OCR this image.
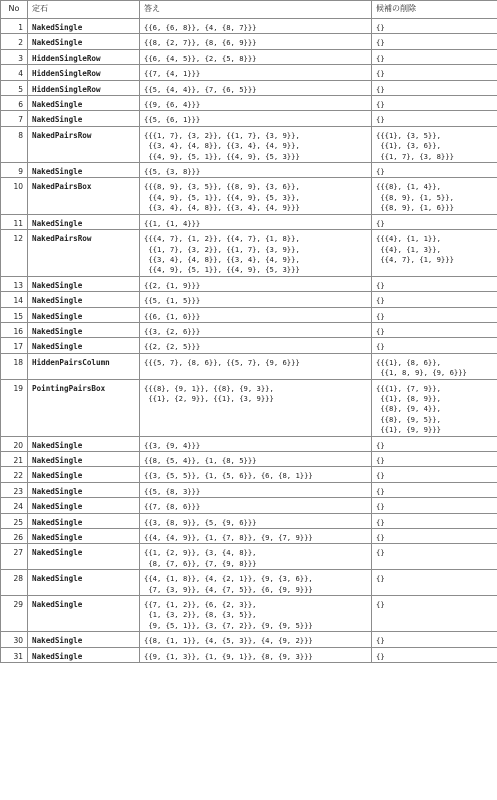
No	定石	答え	候補の削除
1	NakedSingle	{{6, {6, 8}}, {4, {8, 7}}}	{}
2	NakedSingle	{{8, {2, 7}}, {8, {6, 9}}}	{}
3	HiddenSingleRow	{{6, {4, 5}}, {2, {5, 8}}}	{}
4	HiddenSingleRow	{{7, {4, 1}}}	{}
5	HiddenSingleRow	{{5, {4, 4}}, {7, {6, 5}}}	{}
6	NakedSingle	{{9, {6, 4}}}	{}
7	NakedSingle	{{5, {6, 1}}}	{}
8	NakedPairsRow	{{{1, 7}, {3, 2}}, {{1, 7}, {3, 9}},
{{3, 4}, {4, 8}}, {{3, 4}, {4, 9}},
{{4, 9}, {5, 1}}, {{4, 9}, {5, 3}}}	{{{1}, {3, 5}},
{{1}, {3, 6}},
{{1, 7}, {3, 8}}}
9	NakedSingle	{{5, {3, 8}}}	{}
10	NakedPairsBox	{{{8, 9}, {3, 5}}, {{8, 9}, {3, 6}},
{{4, 9}, {5, 1}}, {{4, 9}, {5, 3}},
{{3, 4}, {4, 8}}, {{3, 4}, {4, 9}}}	{{{8}, {1, 4}},
{{8, 9}, {1, 5}},
{{8, 9}, {1, 6}}}
11	NakedSingle	{{1, {1, 4}}}	{}
12	NakedPairsRow	{{{4, 7}, {1, 2}}, {{4, 7}, {1, 8}},
{{1, 7}, {3, 2}}, {{1, 7}, {3, 9}},
{{3, 4}, {4, 8}}, {{3, 4}, {4, 9}},
{{4, 9}, {5, 1}}, {{4, 9}, {5, 3}}}	{{{4}, {1, 1}},
{{4}, {1, 3}},
{{4, 7}, {1, 9}}}
13	NakedSingle	{{2, {1, 9}}}	{}
14	NakedSingle	{{5, {1, 5}}}	{}
15	NakedSingle	{{6, {1, 6}}}	{}
16	NakedSingle	{{3, {2, 6}}}	{}
17	NakedSingle	{{2, {2, 5}}}	{}
18	HiddenPairsColumn	{{{5, 7}, {8, 6}}, {{5, 7}, {9, 6}}}	{{{1}, {8, 6}},
{{1, 8, 9}, {9, 6}}}
19	PointingPairsBox	{{{8}, {9, 1}}, {{8}, {9, 3}},
{{1}, {2, 9}}, {{1}, {3, 9}}}	{{{1}, {7, 9}},
{{1}, {8, 9}},
{{8}, {9, 4}},
{{8}, {9, 5}},
{{1}, {9, 9}}}
20	NakedSingle	{{3, {9, 4}}}	{}
21	NakedSingle	{{8, {5, 4}}, {1, {8, 5}}}	{}
22	NakedSingle	{{3, {5, 5}}, {1, {5, 6}}, {6, {8, 1}}}	{}
23	NakedSingle	{{5, {8, 3}}}	{}
24	NakedSingle	{{7, {8, 6}}}	{}
25	NakedSingle	{{3, {8, 9}}, {5, {9, 6}}}	{}
26	NakedSingle	{{4, {4, 9}}, {1, {7, 8}}, {9, {7, 9}}}	{}
27	NakedSingle	{{1, {2, 9}}, {3, {4, 8}},
{8, {7, 6}}, {7, {9, 8}}}	{}
28	NakedSingle	{{4, {1, 8}}, {4, {2, 1}}, {9, {3, 6}},
{7, {3, 9}}, {4, {7, 5}}, {6, {9, 9}}}	{}
29	NakedSingle	{{7, {1, 2}}, {6, {2, 3}},
{1, {3, 2}}, {8, {3, 5}},
{9, {5, 1}}, {3, {7, 2}}, {9, {9, 5}}}	{}
30	NakedSingle	{{8, {1, 1}}, {4, {5, 3}}, {4, {9, 2}}}	{}
31	NakedSingle	{{9, {1, 3}}, {1, {9, 1}}, {8, {9, 3}}}	{}
